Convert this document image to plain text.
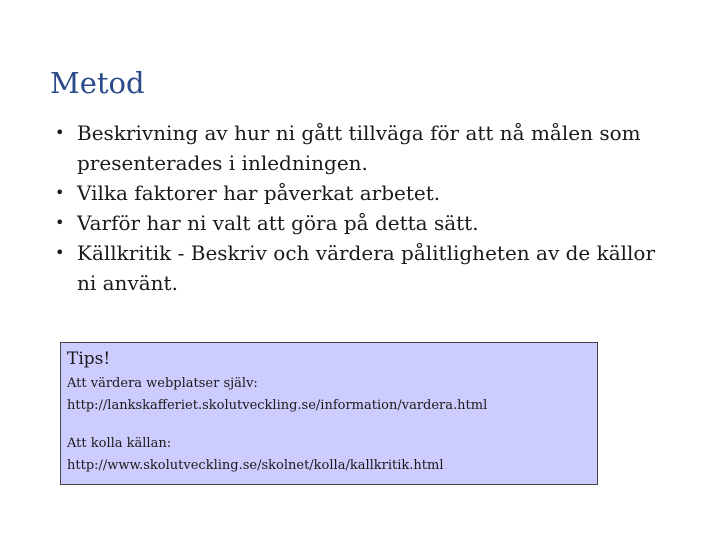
Metod
• Beskrivning av hur ni gått tillväga för att nå målen som presenterades i inledningen.
• Vilka faktorer har påverkat arbetet.
• Varför har ni valt att göra på detta sätt.
• Källkritik - Beskriv och värdera pålitligheten av de källor ni använt.

Tips!

Att värdera webplatser själv:

http://lankskafferiet.skolutveckling.se/information/vardera.html

Att kolla källan:

http://www.skolutveckling.se/skolnet/kolla/kallkritik.html
